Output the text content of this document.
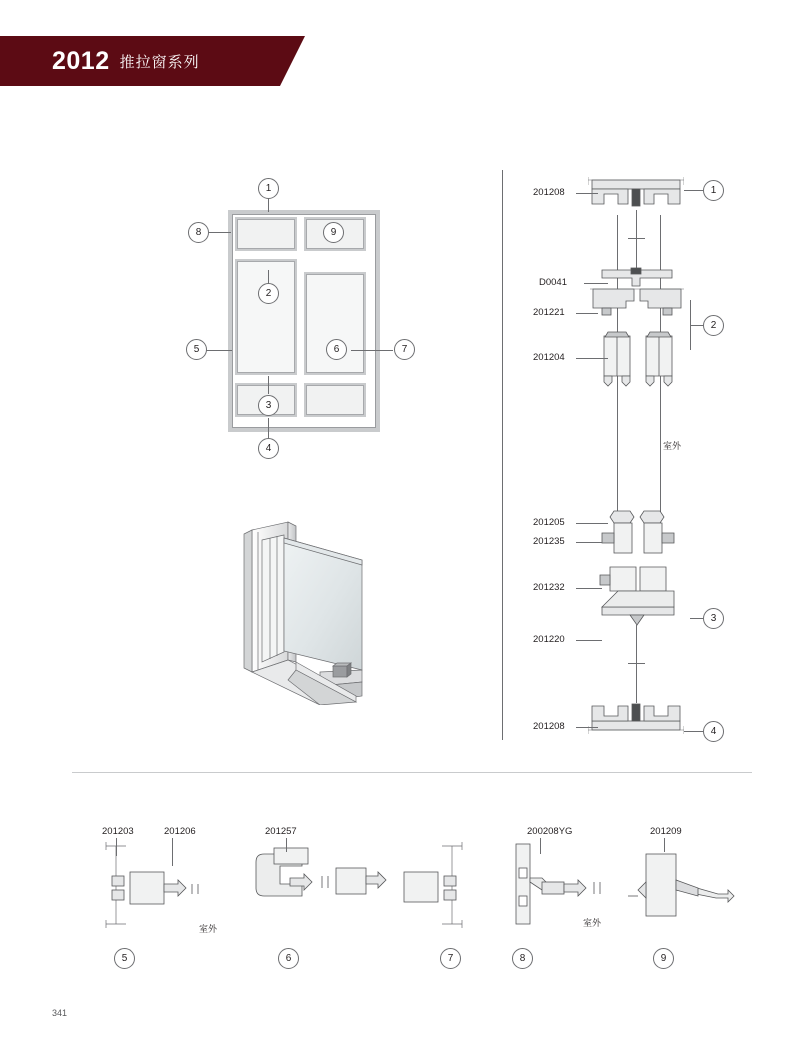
2012 推拉窗系列
1
8	9
2
5	6	7
3
4
201208
D0041
201221
201204
201205
201235
201232
201220
201208
室外
1
2
3
4
201203	201206
室外
5
201257
6	7
200208YG
室外
8
201209
9
341
